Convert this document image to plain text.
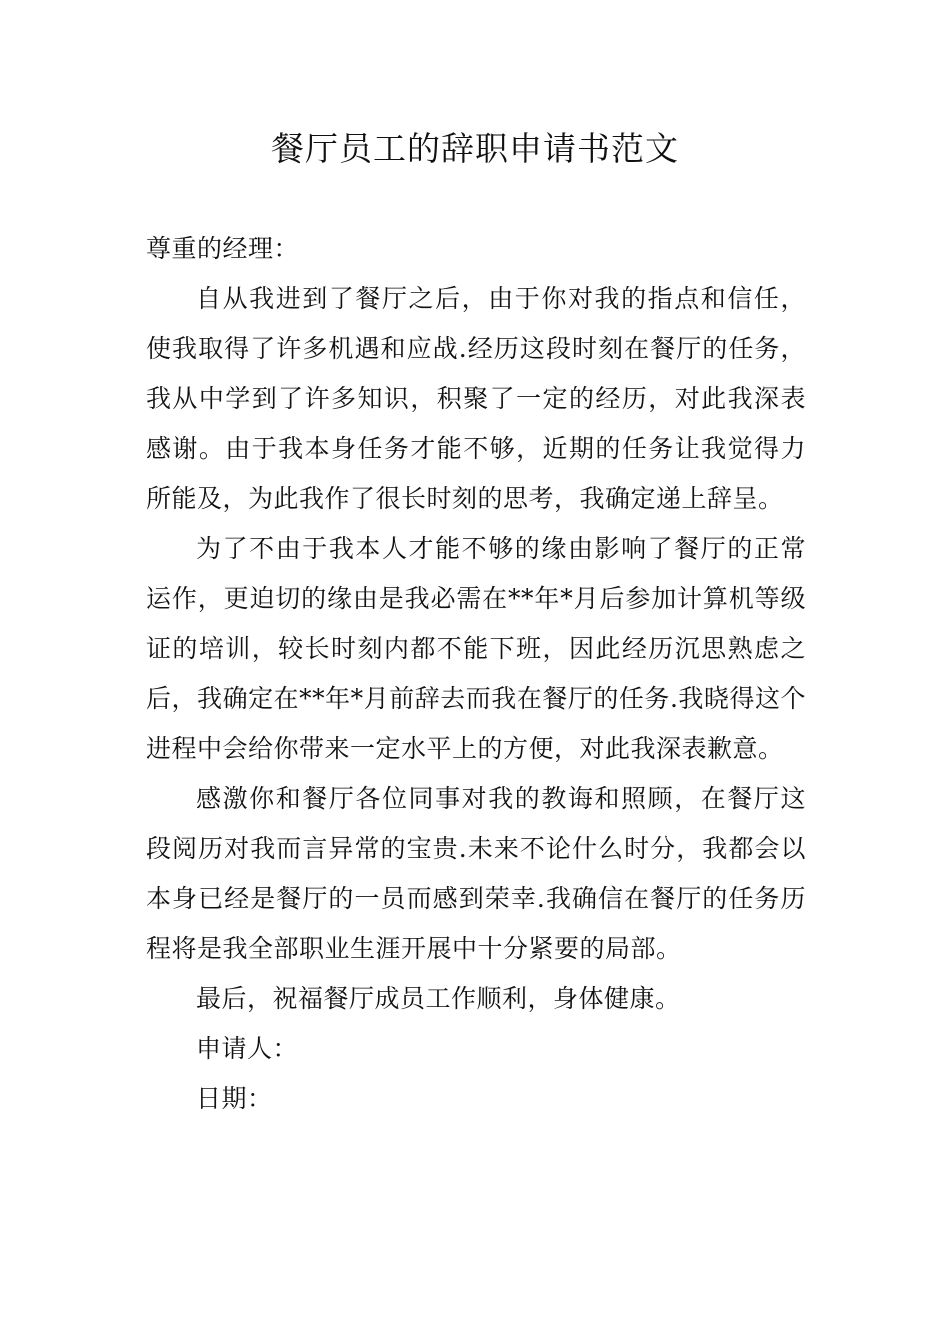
餐厅员工的辞职申请书范文

尊重的经理：

自从我进到了餐厅之后，由于你对我的指点和信任，使我取得了许多机遇和应战.经历这段时刻在餐厅的任务，我从中学到了许多知识，积聚了一定的经历，对此我深表感谢。由于我本身任务才能不够，近期的任务让我觉得力所能及，为此我作了很长时刻的思考，我确定递上辞呈。

为了不由于我本人才能不够的缘由影响了餐厅的正常运作，更迫切的缘由是我必需在**年*月后参加计算机等级证的培训，较长时刻内都不能下班，因此经历沉思熟虑之后，我确定在**年*月前辞去而我在餐厅的任务.我晓得这个进程中会给你带来一定水平上的方便，对此我深表歉意。

感激你和餐厅各位同事对我的教诲和照顾，在餐厅这段阅历对我而言异常的宝贵.未来不论什么时分，我都会以本身已经是餐厅的一员而感到荣幸.我确信在餐厅的任务历程将是我全部职业生涯开展中十分紧要的局部。

最后，祝福餐厅成员工作顺利，身体健康。

申请人：

日期：
